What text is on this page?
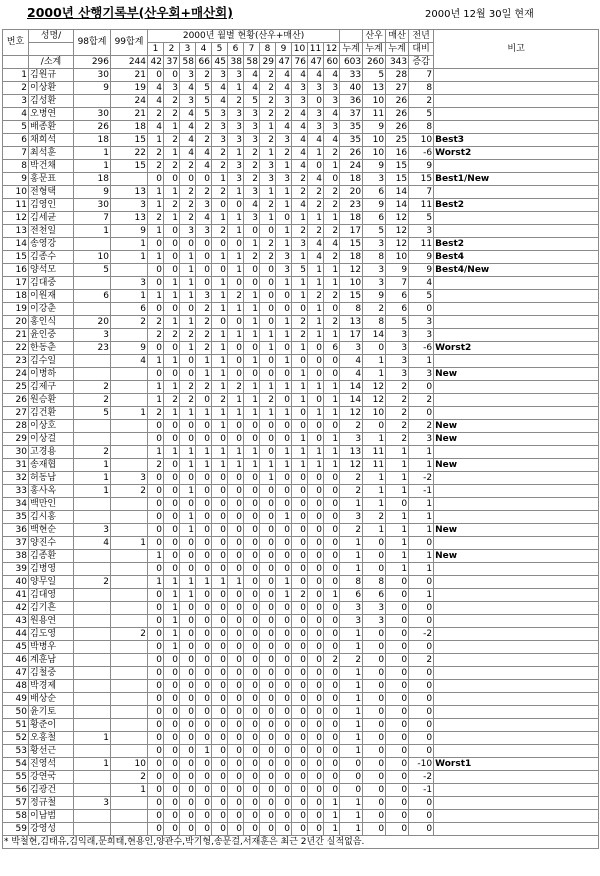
2000년 산행기록부(산우회+매산회)	2000년 12월 30일 현재
번호	성명/	98합계	99합계	2000년 월별 현황(산우+매산)													산우	매산	전년	비고
				1	2	3	4	5	6	7	8	9	10	11	12	누계	누계	누계	대비	
	/소계	296	244	42	37	58	66	45	38	58	29	47	76	47	60	603	260	343	증감	
1	김원규	30	21	0	0	3	2	3	3	4	2	4	4	4	4	33	5	28	7	
2	이상환	9	19	4	3	4	5	4	1	4	2	4	3	3	3	40	13	27	8	
3	김성환		24	4	2	3	5	4	2	5	2	3	3	0	3	36	10	26	2	
4	오병연	30	21	2	2	4	5	3	3	3	2	2	4	3	4	37	11	26	5	
5	배종환	26	18	4	1	4	2	3	3	3	1	4	4	3	3	35	9	26	8	
6	채희석	18	15	1	2	4	2	3	3	3	2	3	4	4	4	35	10	25	10	Best3
7	최석훈	1	22	2	1	4	4	2	1	2	1	2	4	1	2	26	10	16	-6	Worst2
8	박건채	1	15	2	2	2	4	2	3	2	3	1	4	0	1	24	9	15	9	
9	홍문표	18		0	0	0	0	1	3	2	3	3	2	4	0	18	3	15	15	Best1/New
10	전형택	9	13	1	1	2	2	2	1	3	1	1	2	2	2	20	6	14	7	
11	김영인	30	3	1	2	2	3	0	0	4	2	1	4	2	2	23	9	14	11	Best2
12	김세균	7	13	2	1	2	4	1	1	3	1	0	1	1	1	18	6	12	5	
13	전천일	1	9	1	0	3	3	2	1	0	0	1	2	2	2	17	5	12	3	
14	송영강		1	0	0	0	0	0	0	1	2	1	3	4	4	15	3	12	11	Best2
15	김종수	10	1	1	0	1	0	1	1	2	2	3	1	4	2	18	8	10	9	Best4
16	양석모	5		0	0	1	0	0	1	0	0	3	5	1	1	12	3	9	9	Best4/New
17	김대중		3	0	1	1	0	1	0	0	0	1	1	1	1	10	3	7	4	
18	이원재	6	1	1	1	1	3	1	2	1	0	0	1	2	2	15	9	6	5	
19	이강춘		6	0	0	0	2	1	1	1	0	0	0	1	0	8	2	6	0	
20	홍인식	20	2	2	1	1	2	0	0	1	0	1	2	1	2	13	8	5	3	
21	윤인중	3		2	2	2	2	1	1	1	1	1	2	1	1	17	14	3	3	
22	한동춘	23	9	0	0	1	2	1	0	0	1	0	1	0	6	3	0	3	-6	Worst2
23	김수일		4	1	1	0	1	1	0	1	0	1	0	0	0	4	1	3	1	
24	이병하			0	0	0	1	1	0	0	0	0	1	0	0	4	1	3	3	New
25	김제구	2		1	1	2	2	1	2	1	1	1	1	1	1	14	12	2	0	
26	원승환	2		1	2	2	0	2	1	1	2	0	1	0	1	14	12	2	2	
27	김건환	5	1	2	1	1	1	1	1	1	1	1	0	1	1	12	10	2	0	
28	이상호			0	0	0	0	1	0	0	0	0	0	0	0	2	0	2	2	New
29	이상걸			0	0	0	0	0	0	0	0	0	1	0	1	3	1	2	3	New
30	고경용	2		1	1	1	1	1	1	1	0	1	1	1	1	13	11	1	1	
31	송재협	1		2	0	1	1	1	1	1	1	1	1	1	1	12	11	1	1	New
32	허동남	1	3	0	0	0	0	0	0	0	1	0	0	0	0	2	1	1	-2	
33	홍사옥	1	2	0	0	1	0	0	0	0	0	0	0	0	0	2	1	1	-1	
34	백만인			0	0	0	0	0	0	0	0	0	0	0	0	1	1	0	1	
35	김시홍			0	0	1	0	0	0	0	0	1	0	0	0	3	2	1	1	
36	백현순	3		0	0	1	0	0	0	0	0	0	0	0	0	2	1	1	1	New
37	양진수	4	1	0	0	0	0	0	0	0	0	0	0	0	0	1	0	1	0	
38	김종환			1	0	0	0	0	0	0	0	0	0	0	0	1	0	1	1	New
39	김병영			0	0	0	0	0	0	0	0	0	0	0	0	1	0	1	1	
40	양무일	2		1	1	1	1	1	1	0	0	1	0	0	0	8	8	0	0	
41	김대영			0	1	1	0	0	0	0	0	1	2	0	1	6	6	0	1	
42	김기흔			0	1	0	0	0	0	0	0	0	0	0	0	3	3	0	0	
43	원용연			0	1	0	0	0	0	0	0	0	0	0	0	3	3	0	0	
44	김도영		2	0	1	0	0	0	0	0	0	0	0	0	0	1	0	0	-2	
45	박병우			0	1	0	0	0	0	0	0	0	0	0	0	1	0	0	0	
46	계훈남			0	0	0	0	0	0	0	0	0	0	0	2	2	0	0	2	
47	김철중			0	0	0	0	0	0	0	0	0	0	0	0	1	0	0	0	
48	박경제			0	0	0	0	0	0	0	0	0	0	0	0	1	0	0	0	
49	배상순			0	0	0	0	0	0	0	0	0	0	0	0	1	0	0	0	
50	윤기토			0	0	0	0	0	0	0	0	0	0	0	0	1	0	0	0	
51	황준이			0	0	0	0	0	0	0	0	0	0	0	0	1	0	0	0	
52	오홍철	1		0	0	0	0	0	0	0	0	0	0	0	0	1	0	0	0	
53	황선근			0	0	0	1	0	0	0	0	0	0	0	0	1	0	0	0	
54	진영석	1	10	0	0	0	0	0	0	0	0	0	0	0	0	0	0	0	-10	Worst1
55	강연국		2	0	0	0	0	0	0	0	0	0	0	0	0	0	0	0	-2	
56	김광건		1	0	0	0	0	0	0	0	0	0	0	0	0	0	0	0	-1	
57	정규철	3		0	0	0	0	0	0	0	0	0	0	0	1	1	0	0	0	
58	이남범			0	0	0	0	0	0	0	0	0	0	0	1	1	0	0	0	
59	강영성			0	0	0	0	0	0	0	0	0	0	0	1	1	0	0	0	
* 박철현,김태유,김익래,문희태,현용인,양관수,박기형,송문걸,서재훈은 최근 2년간 실적없음.																				
